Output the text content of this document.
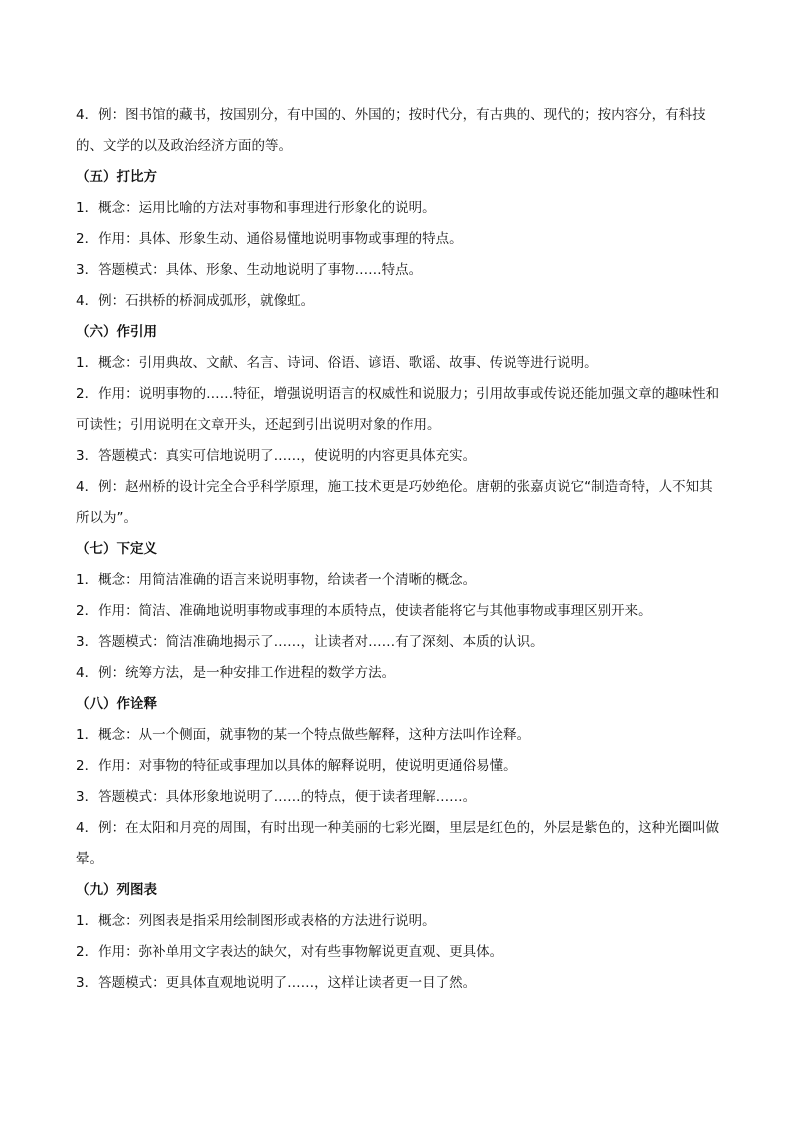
4．例：图书馆的藏书，按国别分，有中国的、外国的；按时代分，有古典的、现代的；按内容分，有科技的、文学的以及政治经济方面的等。

（五）打比方

1．概念：运用比喻的方法对事物和事理进行形象化的说明。

2．作用：具体、形象生动、通俗易懂地说明事物或事理的特点。

3．答题模式：具体、形象、生动地说明了事物……特点。

4．例：石拱桥的桥洞成弧形，就像虹。

（六）作引用

1．概念：引用典故、文献、名言、诗词、俗语、谚语、歌谣、故事、传说等进行说明。

2．作用：说明事物的……特征，增强说明语言的权威性和说服力；引用故事或传说还能加强文章的趣味性和可读性；引用说明在文章开头，还起到引出说明对象的作用。

3．答题模式：真实可信地说明了……，使说明的内容更具体充实。

4．例：赵州桥的设计完全合乎科学原理，施工技术更是巧妙绝伦。唐朝的张嘉贞说它“制造奇特，人不知其所以为”。

（七）下定义

1．概念：用简洁准确的语言来说明事物，给读者一个清晰的概念。

2．作用：简洁、准确地说明事物或事理的本质特点，使读者能将它与其他事物或事理区别开来。

3．答题模式：简洁准确地揭示了……，让读者对……有了深刻、本质的认识。

4．例：统筹方法，是一种安排工作进程的数学方法。

（八）作诠释

1．概念：从一个侧面，就事物的某一个特点做些解释，这种方法叫作诠释。

2．作用：对事物的特征或事理加以具体的解释说明，使说明更通俗易懂。

3．答题模式：具体形象地说明了……的特点，便于读者理解……。

4．例：在太阳和月亮的周围，有时出现一种美丽的七彩光圈，里层是红色的，外层是紫色的，这种光圈叫做晕。

（九）列图表

1．概念：列图表是指采用绘制图形或表格的方法进行说明。

2．作用：弥补单用文字表达的缺欠，对有些事物解说更直观、更具体。

3．答题模式：更具体直观地说明了……，这样让读者更一目了然。
